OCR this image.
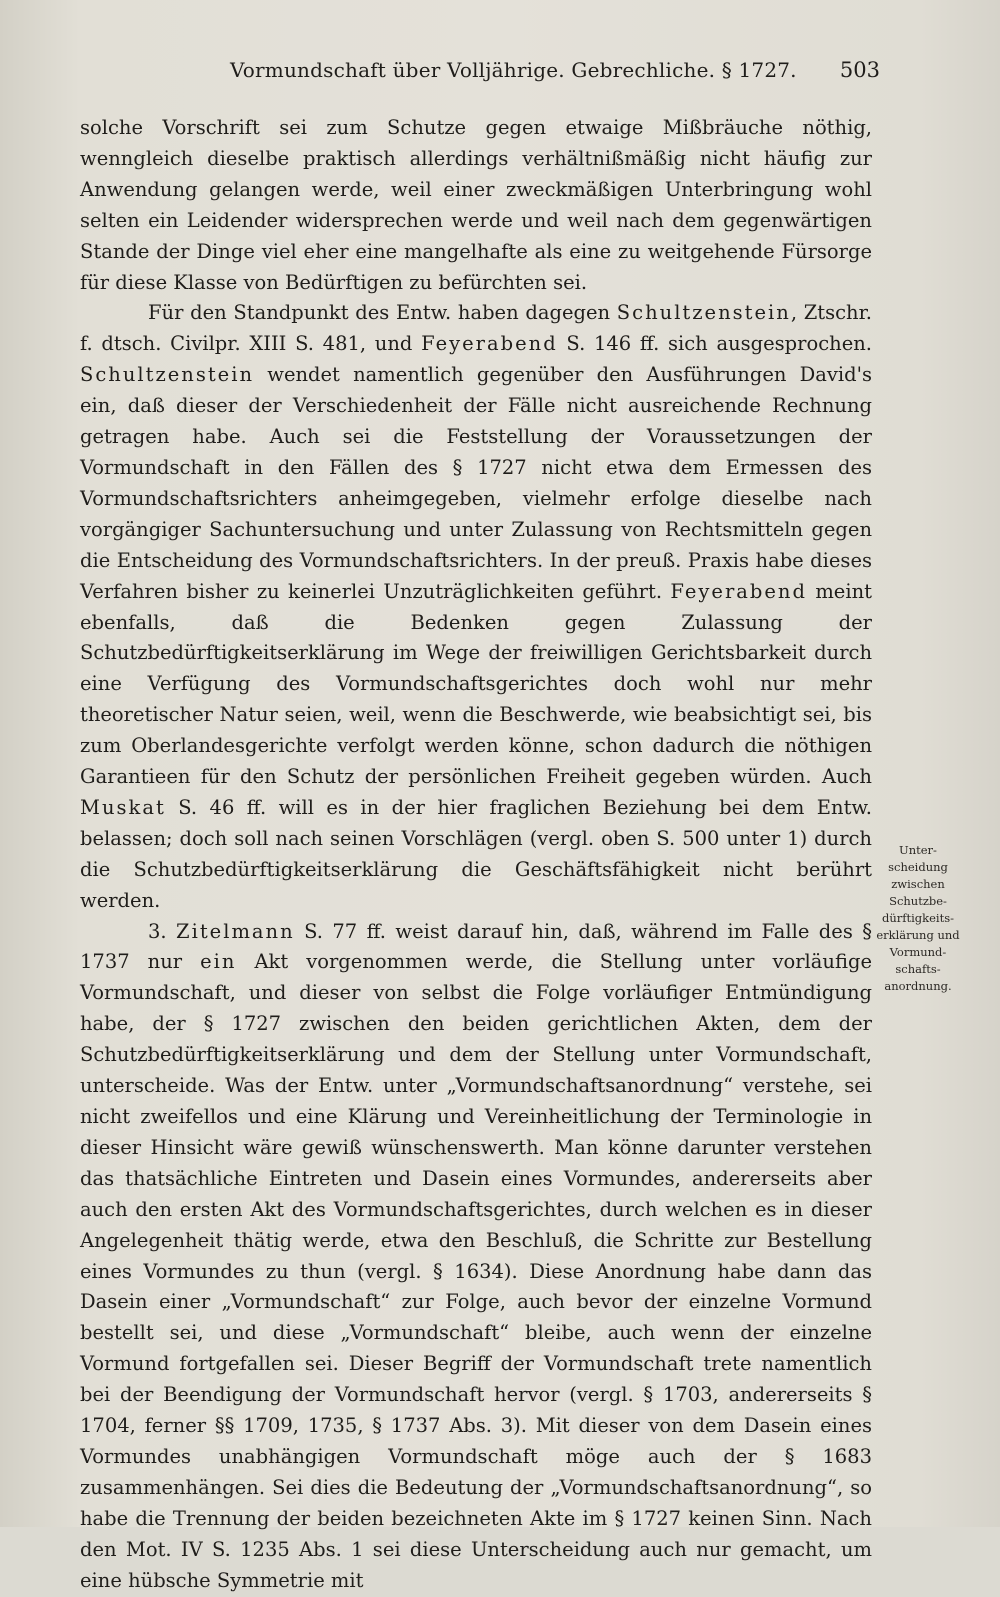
Vormundschaft über Volljährige. Gebrechliche. § 1727. 503

solche Vorschrift sei zum Schutze gegen etwaige Mißbräuche nöthig, wenngleich dieselbe praktisch allerdings verhältnißmäßig nicht häufig zur Anwendung gelangen werde, weil einer zweckmäßigen Unterbringung wohl selten ein Leidender widersprechen werde und weil nach dem gegenwärtigen Stande der Dinge viel eher eine mangelhafte als eine zu weitgehende Fürsorge für diese Klasse von Bedürftigen zu befürchten sei.

Für den Standpunkt des Entw. haben dagegen Schultzenstein, Ztschr. f. dtsch. Civilpr. XIII S. 481, und Feyerabend S. 146 ff. sich ausgesprochen. Schultzenstein wendet namentlich gegenüber den Ausführungen David's ein, daß dieser der Verschiedenheit der Fälle nicht ausreichende Rechnung getragen habe. Auch sei die Feststellung der Voraussetzungen der Vormundschaft in den Fällen des § 1727 nicht etwa dem Ermessen des Vormundschaftsrichters anheimgegeben, vielmehr erfolge dieselbe nach vorgängiger Sachuntersuchung und unter Zulassung von Rechtsmitteln gegen die Entscheidung des Vormundschaftsrichters. In der preuß. Praxis habe dieses Verfahren bisher zu keinerlei Unzuträglichkeiten geführt. Feyerabend meint ebenfalls, daß die Bedenken gegen Zulassung der Schutzbedürftigkeitserklärung im Wege der freiwilligen Gerichtsbarkeit durch eine Verfügung des Vormundschaftsgerichtes doch wohl nur mehr theoretischer Natur seien, weil, wenn die Beschwerde, wie beabsichtigt sei, bis zum Oberlandesgerichte verfolgt werden könne, schon dadurch die nöthigen Garantieen für den Schutz der persönlichen Freiheit gegeben würden. Auch Muskat S. 46 ff. will es in der hier fraglichen Beziehung bei dem Entw. belassen; doch soll nach seinen Vorschlägen (vergl. oben S. 500 unter 1) durch die Schutzbedürftigkeitserklärung die Geschäftsfähigkeit nicht berührt werden.

3. Zitelmann S. 77 ff. weist darauf hin, daß, während im Falle des § 1737 nur ein Akt vorgenommen werde, die Stellung unter vorläufige Vormundschaft, und dieser von selbst die Folge vorläufiger Entmündigung habe, der § 1727 zwischen den beiden gerichtlichen Akten, dem der Schutzbedürftigkeitserklärung und dem der Stellung unter Vormundschaft, unterscheide. Was der Entw. unter „Vormundschaftsanordnung“ verstehe, sei nicht zweifellos und eine Klärung und Vereinheitlichung der Terminologie in dieser Hinsicht wäre gewiß wünschenswerth. Man könne darunter verstehen das thatsächliche Eintreten und Dasein eines Vormundes, andererseits aber auch den ersten Akt des Vormundschaftsgerichtes, durch welchen es in dieser Angelegenheit thätig werde, etwa den Beschluß, die Schritte zur Bestellung eines Vormundes zu thun (vergl. § 1634). Diese Anordnung habe dann das Dasein einer „Vormundschaft“ zur Folge, auch bevor der einzelne Vormund bestellt sei, und diese „Vormundschaft“ bleibe, auch wenn der einzelne Vormund fortgefallen sei. Dieser Begriff der Vormundschaft trete namentlich bei der Beendigung der Vormundschaft hervor (vergl. § 1703, andererseits § 1704, ferner §§ 1709, 1735, § 1737 Abs. 3). Mit dieser von dem Dasein eines Vormundes unabhängigen Vormundschaft möge auch der § 1683 zusammenhängen. Sei dies die Bedeutung der „Vormundschaftsanordnung“, so habe die Trennung der beiden bezeichneten Akte im § 1727 keinen Sinn. Nach den Mot. IV S. 1235 Abs. 1 sei diese Unterscheidung auch nur gemacht, um eine hübsche Symmetrie mit

Unter-
scheidung
zwischen
Schutzbe-
dürftigkeits-
erklärung und
Vormund-
schafts-
anordnung.
